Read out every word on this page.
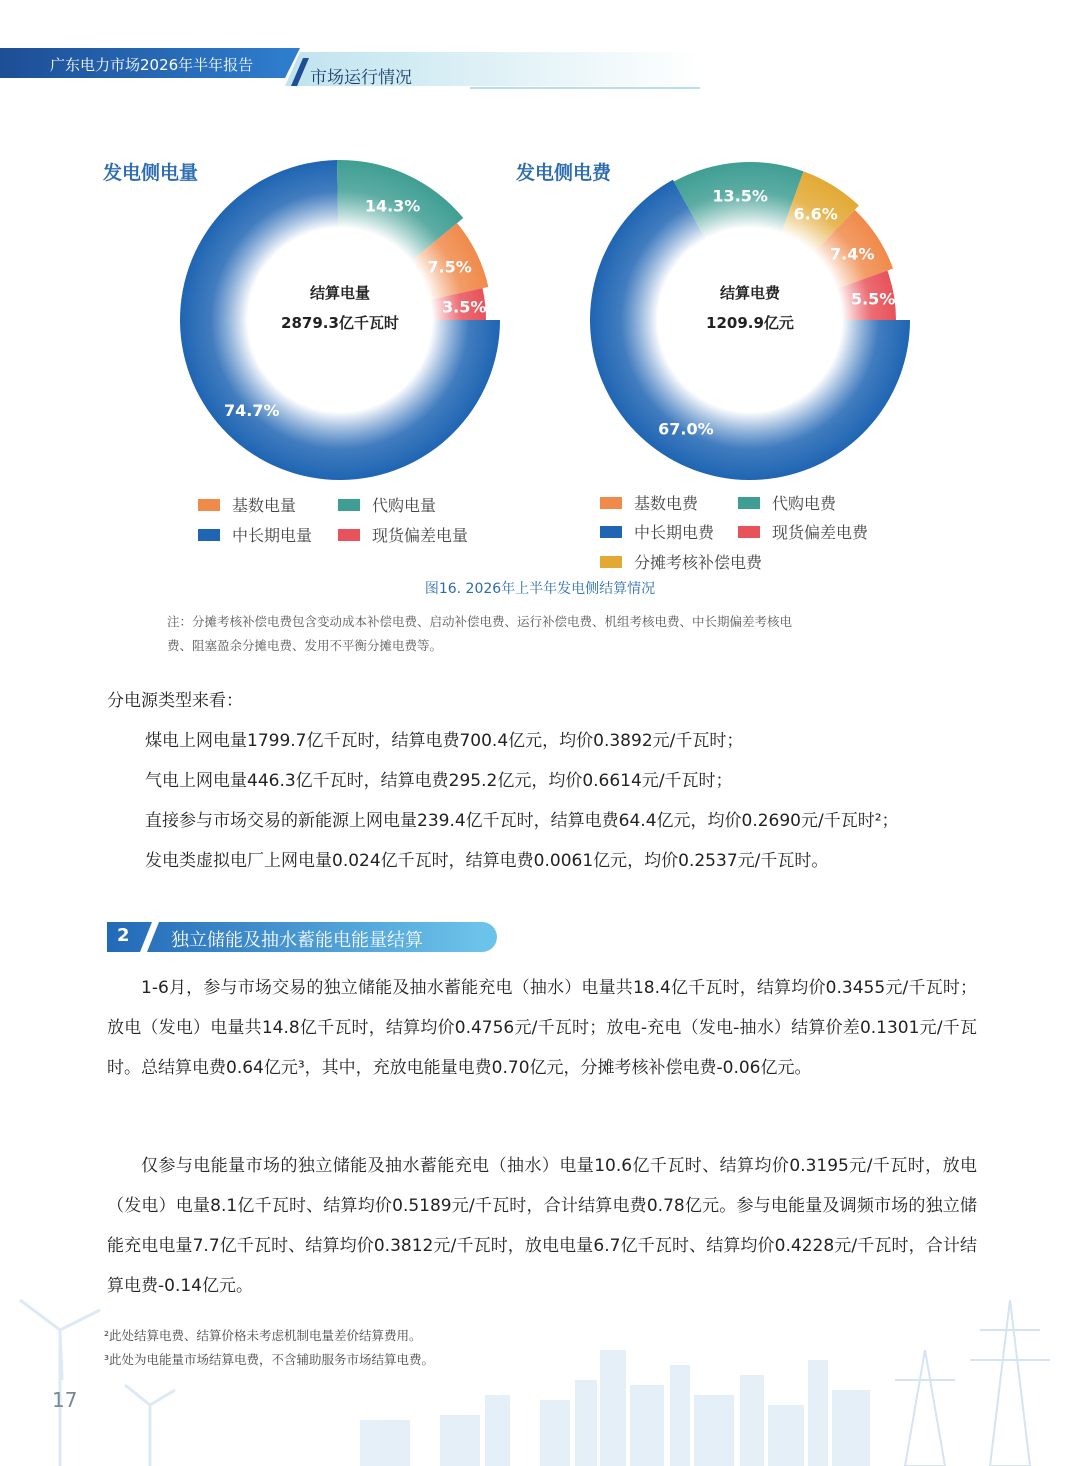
广东电力市场2026年半年报告
市场运行情况
发电侧电量
74.7%
14.3%
7.5%
3.5%
结算电量
2879.3亿千瓦时
发电侧电费
67.0%
13.5%
6.6%
7.4%
5.5%
结算电费
1209.9亿元
基数电量	代购电量
中长期电量	现货偏差电量
基数电费	代购电费
中长期电费	现货偏差电费
分摊考核补偿电费
图16. 2026年上半年发电侧结算情况
注：分摊考核补偿电费包含变动成本补偿电费、启动补偿电费、运行补偿电费、机组考核电费、中长期偏差考核电
费、阻塞盈余分摊电费、发用不平衡分摊电费等。
分电源类型来看：
煤电上网电量1799.7亿千瓦时，结算电费700.4亿元，均价0.3892元/千瓦时；
气电上网电量446.3亿千瓦时，结算电费295.2亿元，均价0.6614元/千瓦时；
直接参与市场交易的新能源上网电量239.4亿千瓦时，结算电费64.4亿元，均价0.2690元/千瓦时²；
发电类虚拟电厂上网电量0.024亿千瓦时，结算电费0.0061亿元，均价0.2537元/千瓦时。
2 独立储能及抽水蓄能电能量结算
1-6月，参与市场交易的独立储能及抽水蓄能充电（抽水）电量共18.4亿千瓦时，结算均价0.3455元/千瓦时；放电（发电）电量共14.8亿千瓦时，结算均价0.4756元/千瓦时；放电-充电（发电-抽水）结算价差0.1301元/千瓦时。总结算电费0.64亿元³，其中，充放电能量电费0.70亿元，分摊考核补偿电费-0.06亿元。
仅参与电能量市场的独立储能及抽水蓄能充电（抽水）电量10.6亿千瓦时、结算均价0.3195元/千瓦时，放电（发电）电量8.1亿千瓦时、结算均价0.5189元/千瓦时，合计结算电费0.78亿元。参与电能量及调频市场的独立储能充电电量7.7亿千瓦时、结算均价0.3812元/千瓦时，放电电量6.7亿千瓦时、结算均价0.4228元/千瓦时，合计结算电费-0.14亿元。
²此处结算电费、结算价格未考虑机制电量差价结算费用。
³此处为电能量市场结算电费，不含辅助服务市场结算电费。
17
